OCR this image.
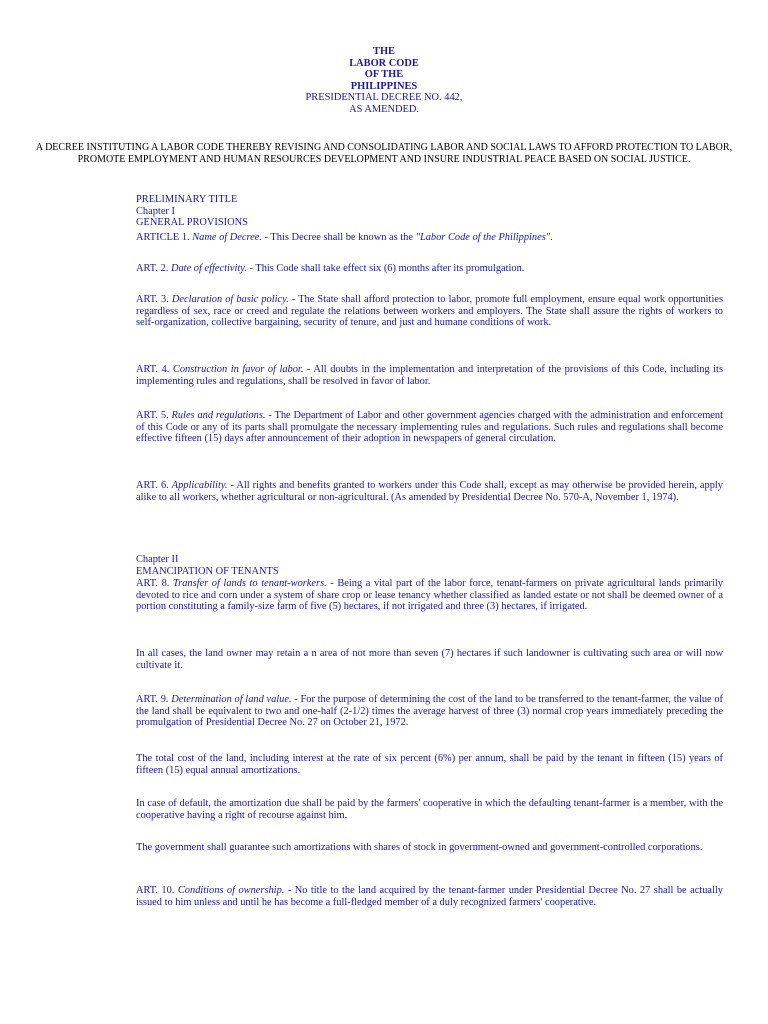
THE
LABOR CODE
OF THE
PHILIPPINES
PRESIDENTIAL DECREE NO. 442,
AS AMENDED.
A DECREE INSTITUTING A LABOR CODE THEREBY REVISING AND CONSOLIDATING LABOR AND SOCIAL LAWS TO AFFORD PROTECTION TO LABOR, PROMOTE EMPLOYMENT AND HUMAN RESOURCES DEVELOPMENT AND INSURE INDUSTRIAL PEACE BASED ON SOCIAL JUSTICE.
PRELIMINARY TITLE
Chapter I
GENERAL PROVISIONS

ARTICLE 1. Name of Decree. - This Decree shall be known as the "Labor Code of the Philippines".

ART. 2. Date of effectivity. - This Code shall take effect six (6) months after its promulgation.

ART. 3. Declaration of basic policy. - The State shall afford protection to labor, promote full employment, ensure equal work opportunities regardless of sex, race or creed and regulate the relations between workers and employers. The State shall assure the rights of workers to self-organization, collective bargaining, security of tenure, and just and humane conditions of work.

ART. 4. Construction in favor of labor. - All doubts in the implementation and interpretation of the provisions of this Code, including its implementing rules and regulations, shall be resolved in favor of labor.

ART. 5. Rules and regulations. - The Department of Labor and other government agencies charged with the administration and enforcement of this Code or any of its parts shall promulgate the necessary implementing rules and regulations. Such rules and regulations shall become effective fifteen (15) days after announcement of their adoption in newspapers of general circulation.

ART. 6. Applicability. - All rights and benefits granted to workers under this Code shall, except as may otherwise be provided herein, apply alike to all workers, whether agricultural or non-agricultural. (As amended by Presidential Decree No. 570-A, November 1, 1974).

Chapter II
EMANCIPATION OF TENANTS

ART. 8. Transfer of lands to tenant-workers. - Being a vital part of the labor force, tenant-farmers on private agricultural lands primarily devoted to rice and corn under a system of share crop or lease tenancy whether classified as landed estate or not shall be deemed owner of a portion constituting a family-size farm of five (5) hectares, if not irrigated and three (3) hectares, if irrigated.

In all cases, the land owner may retain a n area of not more than seven (7) hectares if such landowner is cultivating such area or will now cultivate it.

ART. 9. Determination of land value. - For the purpose of determining the cost of the land to be transferred to the tenant-farmer, the value of the land shall be equivalent to two and one-half (2-1/2) times the average harvest of three (3) normal crop years immediately preceding the promulgation of Presidential Decree No. 27 on October 21, 1972.

The total cost of the land, including interest at the rate of six percent (6%) per annum, shall be paid by the tenant in fifteen (15) years of fifteen (15) equal annual amortizations.

In case of default, the amortization due shall be paid by the farmers' cooperative in which the defaulting tenant-farmer is a member, with the cooperative having a right of recourse against him.

The government shall guarantee such amortizations with shares of stock in government-owned and government-controlled corporations.

ART. 10. Conditions of ownership. - No title to the land acquired by the tenant-farmer under Presidential Decree No. 27 shall be actually issued to him unless and until he has become a full-fledged member of a duly recognized farmers' cooperative.
